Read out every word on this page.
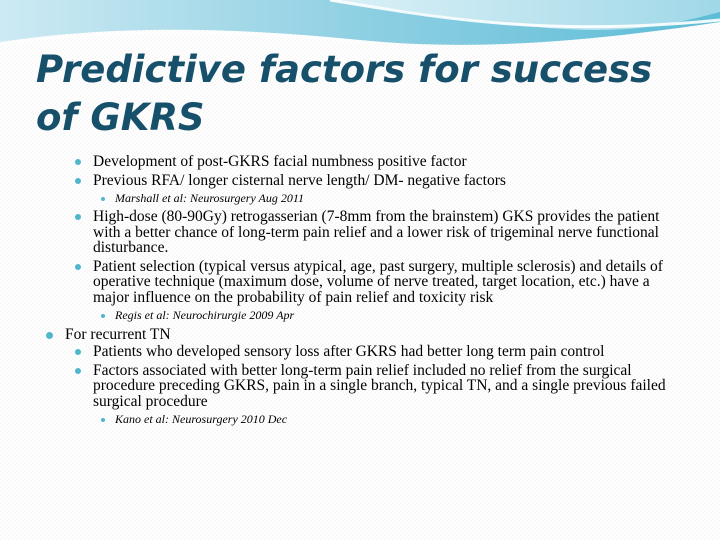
Predictive factors for success of GKRS
Development of post-GKRS facial numbness positive factor
Previous RFA/ longer cisternal nerve length/ DM- negative factors
Marshall et al: Neurosurgery Aug 2011
High-dose (80-90Gy) retrogasserian (7-8mm from the brainstem) GKS provides the patient with a better chance of long-term pain relief and a lower risk of trigeminal nerve functional disturbance.
Patient selection (typical versus atypical, age, past surgery, multiple sclerosis) and details of operative technique (maximum dose, volume of nerve treated, target location, etc.) have a major influence on the probability of pain relief and toxicity risk
Regis et al: Neurochirurgie 2009 Apr
For recurrent TN
Patients who developed sensory loss after GKRS had better long term pain control
Factors associated with better long-term pain relief included no relief from the surgical procedure preceding GKRS, pain in a single branch, typical TN, and a single previous failed surgical procedure
Kano et al: Neurosurgery 2010 Dec
